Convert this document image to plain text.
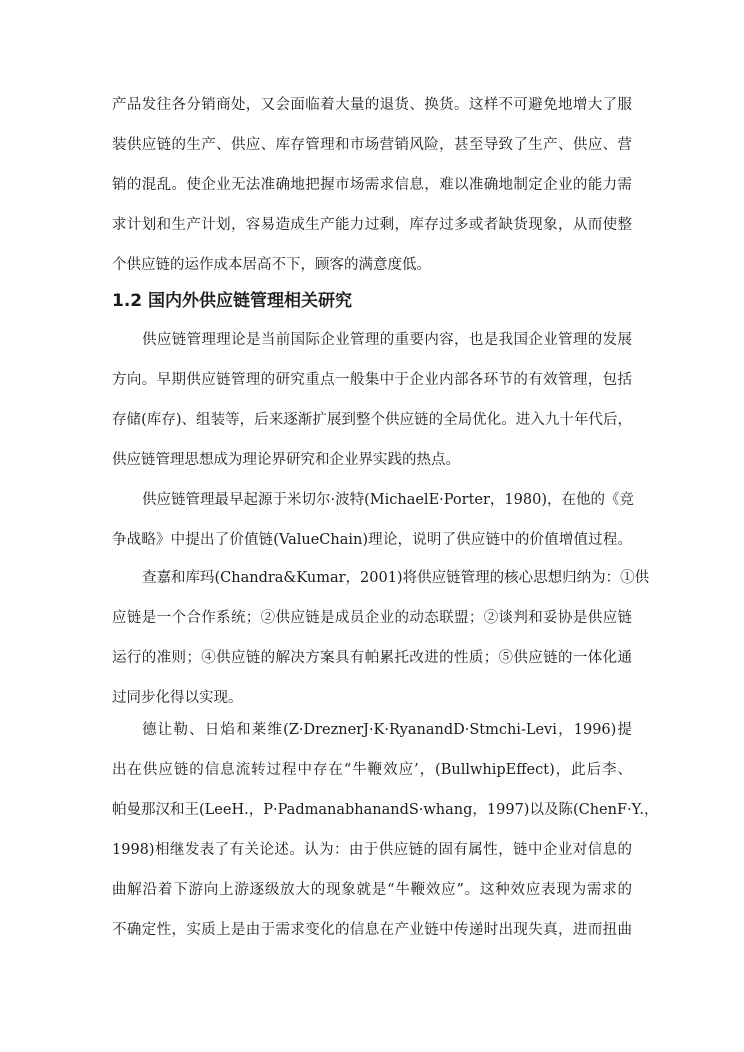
产品发往各分销商处，又会面临着大量的退货、换货。这样不可避免地增大了服
装供应链的生产、供应、库存管理和市场营销风险，甚至导致了生产、供应、营
销的混乱。使企业无法准确地把握市场需求信息，难以准确地制定企业的能力需
求计划和生产计划，容易造成生产能力过剩，库存过多或者缺货现象，从而使整
个供应链的运作成本居高不下，顾客的满意度低。
1.2 国内外供应链管理相关研究
供应链管理理论是当前国际企业管理的重要内容，也是我国企业管理的发展
方向。早期供应链管理的研究重点一般集中于企业内部各环节的有效管理，包括
存储(库存)、组装等，后来逐渐扩展到整个供应链的全局优化。进入九十年代后，
供应链管理思想成为理论界研究和企业界实践的热点。
供应链管理最早起源于米切尔·波特(MichaelE·Porter，1980)，在他的《竞
争战略》中提出了价值链(ValueChain)理论，说明了供应链中的价值增值过程。
查嘉和库玛(Chandra&Kumar，2001)将供应链管理的核心思想归纳为：①供
应链是一个合作系统；②供应链是成员企业的动态联盟；②谈判和妥协是供应链
运行的准则；④供应链的解决方案具有帕累托改进的性质；⑤供应链的一体化通
过同步化得以实现。
德让勒、日焰和莱维(Z·DreznerJ·K·RyanandD·Stmchi-Levi，1996)提
出在供应链的信息流转过程中存在“牛鞭效应’，(BullwhipEffect)，此后李、
帕曼那汉和王(LeeH.，P·PadmanabhanandS·whang，1997)以及陈(ChenF·Y.，
1998)相继发表了有关论述。认为：由于供应链的固有属性，链中企业对信息的
曲解沿着下游向上游逐级放大的现象就是“牛鞭效应”。这种效应表现为需求的
不确定性，实质上是由于需求变化的信息在产业链中传递时出现失真，进而扭曲
